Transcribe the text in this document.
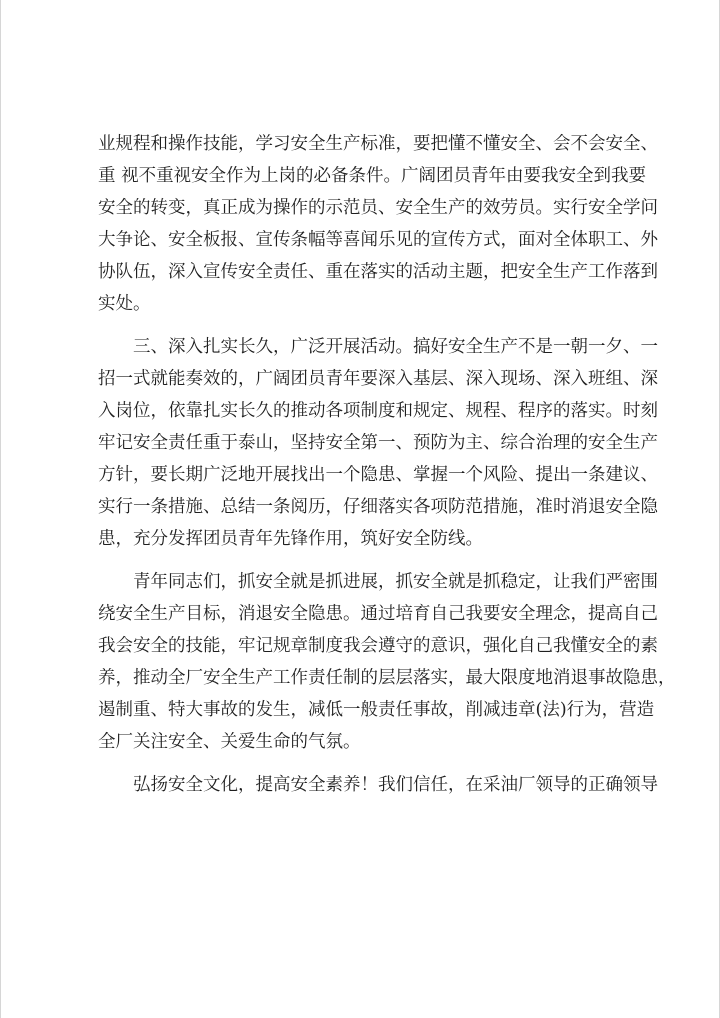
业规程和操作技能，学习安全生产标准，要把懂不懂安全、会不会安全、
重 视不重视安全作为上岗的必备条件。广阔团员青年由要我安全到我要
安全的转变，真正成为操作的示范员、安全生产的效劳员。实行安全学问
大争论、安全板报、宣传条幅等喜闻乐见的宣传方式，面对全体职工、外
协队伍，深入宣传安全责任、重在落实的活动主题，把安全生产工作落到
实处。
三、深入扎实长久，广泛开展活动。搞好安全生产不是一朝一夕、一
招一式就能奏效的，广阔团员青年要深入基层、深入现场、深入班组、深
入岗位，依靠扎实长久的推动各项制度和规定、规程、程序的落实。时刻
牢记安全责任重于泰山，坚持安全第一、预防为主、综合治理的安全生产
方针，要长期广泛地开展找出一个隐患、掌握一个风险、提出一条建议、
实行一条措施、总结一条阅历，仔细落实各项防范措施，准时消退安全隐
患，充分发挥团员青年先锋作用，筑好安全防线。
青年同志们，抓安全就是抓进展，抓安全就是抓稳定，让我们严密围
绕安全生产目标，消退安全隐患。通过培育自己我要安全理念，提高自己
我会安全的技能，牢记规章制度我会遵守的意识，强化自己我懂安全的素
养，推动全厂安全生产工作责任制的层层落实，最大限度地消退事故隐患，
遏制重、特大事故的发生，减低一般责任事故，削减违章(法)行为，营造
全厂关注安全、关爱生命的气氛。
弘扬安全文化，提高安全素养！我们信任，在采油厂领导的正确领导
